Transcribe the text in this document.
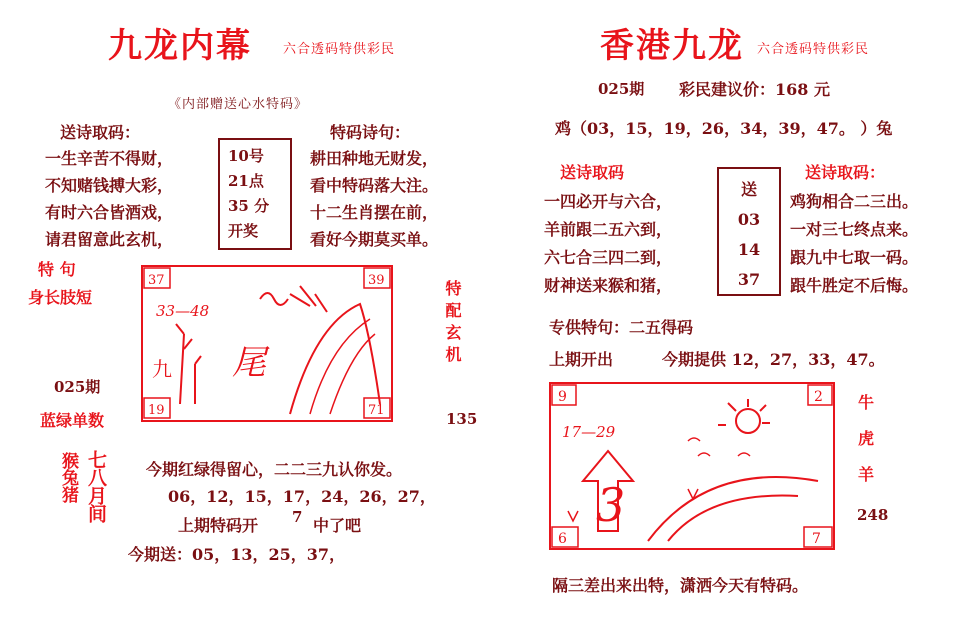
九龙内幕 六合透码特供彩民
《内部赠送心水特码》
送诗取码：	特码诗句：
一生辛苦不得财，
不知赌钱搏大彩，
有时六合皆酒戏，
请君留意此玄机，
耕田种地无财发，
看中特码落大注。
十二生肖摆在前，
看好今期莫买单。
10号
21点
35 分
开奖
特 句
身长肢短	特配玄机
025期
蓝绿单数	135
37	39
19	71
33—48
九 尾
猴兔猪 七八月间 今期红绿得留心，二二三九认你发。
06，12，15，17，24，26，27，
上期特码开 7 中了吧
今期送：05，13，25，37，
香港九龙 六合透码特供彩民
025期 彩民建议价：168 元
鸡（03，15，19，26，34，39，47。 ）兔
送诗取码	送诗取码：
一四必开与六合，
羊前跟二五六到，
六七合三四二到，
财神送来猴和猪，
鸡狗相合二三出。
一对三七终点来。
跟九中七取一码。
跟牛胜定不后悔。
送
03
14
37
专供特句：二五得码
上期开出	今期提供 12，27，33，47。
9	2
6	7
17—29
3
牛
虎
羊
248
隔三差出来出特，潇洒今天有特码。
